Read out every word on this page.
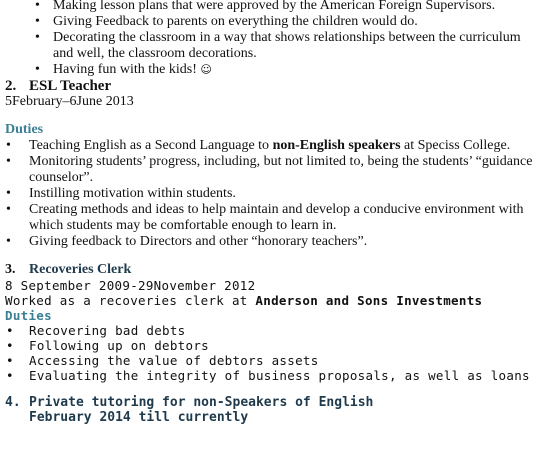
• Making lesson plans that were approved by the American Foreign Supervisors.
• Giving Feedback to parents on everything the children would do.
• Decorating the classroom in a way that shows relationships between the curriculum and well, the classroom decorations.
• Having fun with the kids! ☺
2. ESL Teacher
5February–6June 2013
Duties
• Teaching English as a Second Language to non-English speakers at Speciss College.
• Monitoring students’ progress, including, but not limited to, being the students’ “guidance counselor”.
• Instilling motivation within students.
• Creating methods and ideas to help maintain and develop a conducive environment with which students may be comfortable enough to learn in.
• Giving feedback to Directors and other “honorary teachers”.
3. Recoveries Clerk
8 September 2009-29November 2012
Worked as a recoveries clerk at Anderson and Sons Investments
Duties
• Recovering bad debts
• Following up on debtors
• Accessing the value of debtors assets
• Evaluating the integrity of business proposals, as well as loans
4. Private tutoring for non-Speakers of English
February 2014 till currently
